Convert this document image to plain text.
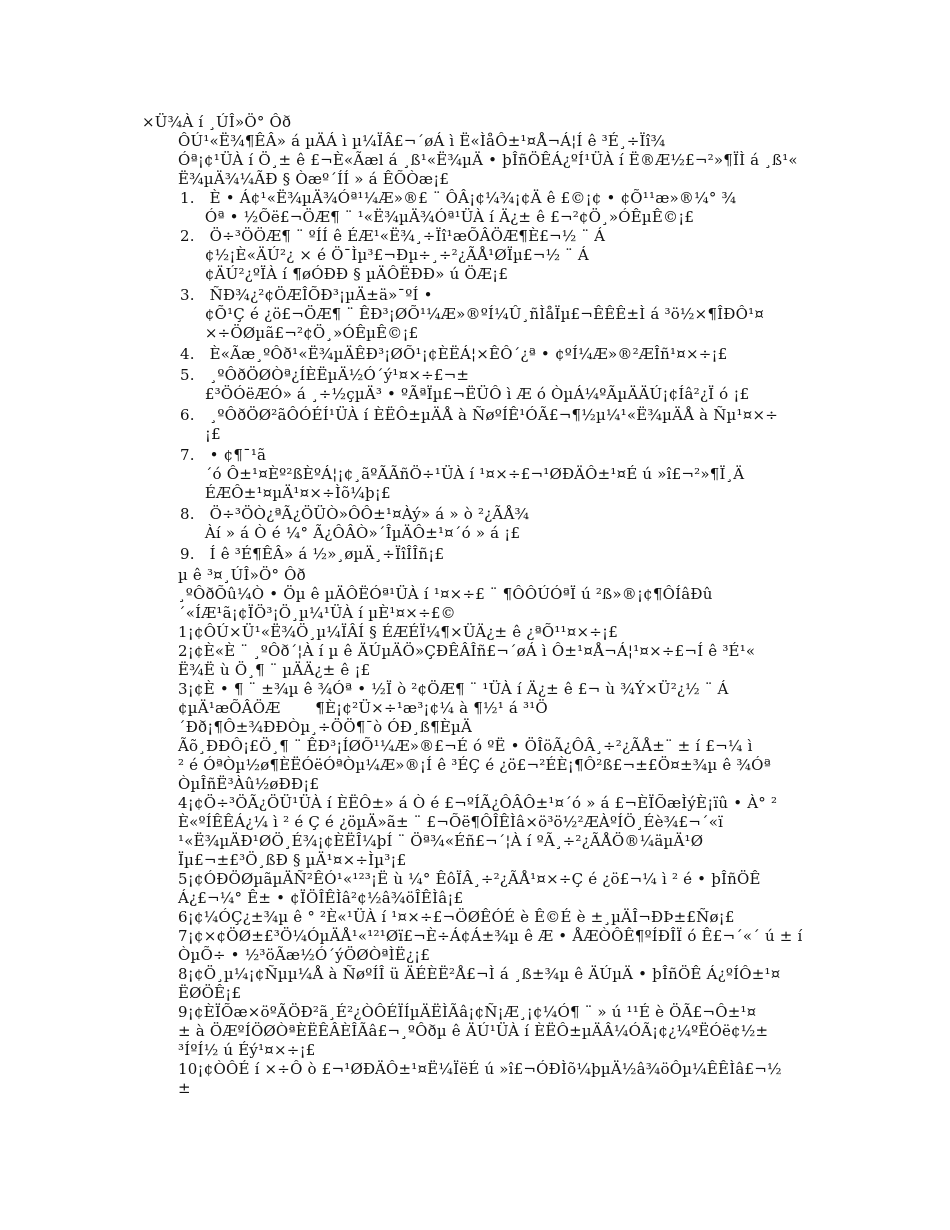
×Ü¾À í ¸ÚÎ»Ö° Ôð
ÔÚ¹«Ë¾¶ÊÂ» á µÄÁ ì µ¼ÏÂ£¬´øÁ ì Ë«ÌåÔ±¹¤Å¬Á¦Í ê ³É¸÷Ïî¾
Óª¡¢¹ÜÀ í Ö¸± ê £¬È«Ãæl á ¸ß¹«Ë¾µÄ • þÎñÖÊÁ¿ºÍ¹ÜÀ í Ë®Æ½£¬²»¶ÏÌ á ¸ß¹«
Ë¾µÄ¾¼ÃÐ § Òæº´ÍÍ » á ÊÕÒæ¡£
1.   È • Á¢¹«Ë¾µÄ¾Óª¹¼Æ»®£ ¨ ÔÂ¡¢¼¾¡¢Ä ê £©¡¢ • ¢Õ¹¹æ»®¼° ¾
Óª • ½Õë£¬ÖÆ¶ ¨ ¹«Ë¾µÄ¾Óª¹ÜÀ í Ä¿± ê £¬²¢Ö¸»ÓÊµÊ©¡£
2.   Ö÷³ÖÖÆ¶ ¨ ºÍÍ ê ÉÆ¹«Ë¾¸÷Ïî¹æÕÂÖÆ¶È£¬½ ¨ Á
¢½¡È«ÄÚ²¿ × é Ö¯Ìµ³£¬Ðµ÷¸÷²¿ÃÅ¹ØÏµ£¬½ ¨ Á
¢ÄÚ²¿ºÏÀ í ¶øÓÐÐ § µÄÔËÐÐ» ú ÖÆ¡£
3.   ÑÐ¾¿²¢ÖÆÎÕÐ³¡µÄ±ä»¯ºÍ •
¢Õ¹Ç é ¿ö£¬ÖÆ¶ ¨ ÊÐ³¡ØÕ¹¼Æ»®ºÍ¼Û¸ñÌåÏµ£¬ÊÊÊ±Ì á ³ö½×¶ÎÐÔ¹¤
×÷ÖØµã£¬²¢Ö¸»ÓÊµÊ©¡£
4.   È«Ãæ¸ºÔð¹«Ë¾µÄÊÐ³¡ØÕ¹¡¢ÈËÁ¦×ÊÔ´¿ª • ¢ºÍ¼Æ»®²ÆÎñ¹¤×÷¡£
5.   ¸ºÔðÖØÒª¿ÍÈËµÄ½Ó´ý¹¤×÷£¬±
£³ÖÓëÆÓ» á ¸÷½çµÄ³ • ºÃªÏµ£¬ËÜÔ ì Æ ó ÒµÁ¼ºÃµÄÄÚ¡¢Íâ²¿Ï ó ¡£
6.   ¸ºÔðÖØ²ãÔÓÉÍ¹ÜÀ í ÈËÔ±µÄÅ à ÑøºÍÊ¹ÓÃ£¬¶½µ¼¹«Ë¾µÄÅ à Ñµ¹¤×÷
¡£
7.   • ¢¶¯¹ã
´ó Ô±¹¤Èº²ßÈºÁ¦¡¢¸ãºÃÃñÖ÷¹ÜÀ í ¹¤×÷£¬¹ØÐÄÔ±¹¤É ú »î£¬²»¶Ï¸Ä
ÉÆÔ±¹¤µÄ¹¤×÷Ìõ¼þ¡£
8.   Ö÷³ÖÒ¿ªÃ¿ÖÜÒ»ÔÔ±¹¤Àý» á » ò ²¿ÃÅ¾
Àí » á Ò é ¼° Ã¿ÔÂÒ»´ÎµÄÔ±¹¤´ó » á ¡£
9.   Í ê ³É¶ÊÂ» á ½»¸øµÄ¸÷ÏîÎÎñ¡£
µ ê ³¤¸ÚÎ»Ö° Ôð
¸ºÔðÕû¼Ò • Öµ ê µÄÔËÓª¹ÜÀ í ¹¤×÷£ ¨ ¶ÔÔÚÓªÏ ú ²ß»®¡¢¶ÔÍâÐû
´«ÍÆ¹ã¡¢ÏÖ³¡Ö¸µ¼¹ÜÀ í µÈ¹¤×÷£©
1¡¢ÔÚ×Ü¹«Ë¾Ö¸µ¼ÏÂÍ § ÉÆÉÏ¼¶×ÜÄ¿± ê ¿ªÕ¹¹¤×÷¡£
2¡¢È«È ¨ ¸ºÔð´¦À í µ ê ÄÚµÄÖ»ÇÐÊÂÎñ£¬´øÁ ì Ô±¹¤Å¬Á¦¹¤×÷£¬Í ê ³É¹«
Ë¾Ë ù Ö¸¶ ¨ µÄÄ¿± ê ¡£
3¡¢È • ¶ ¨ ±¾µ ê ¾Óª • ½Ï ò ²¢ÖÆ¶ ¨ ¹ÜÀ í Ä¿± ê £¬ ù ¾Ý×Ü²¿½ ¨ Á
¢µÄ¹æÕÂÖÆ       ¶È¡¢²Ü×÷¹æ³¡¢¼ à ¶½¹ á ³¹Ö
´Ðð¡¶Ô±¾ÐÐÒµ¸÷ÖÖ¶¯ò ÓÐ¸ß¶ÈµÄ
Ãõ¸ÐÐÔ¡£Ö¸¶ ¨ ÊÐ³¡ÍØÕ¹¼Æ»®£¬É ó ºË • ÖÎöÃ¿ÔÂ¸÷²¿ÃÅ±¨ ± í £¬¼ ì
² é ÓªÒµ½ø¶ÈËÓëÓªÒµ¼Æ»®¡Í ê ³ÉÇ é ¿ö£¬²ÉÈ¡¶Ô²ß£¬±£Ö¤±¾µ ê ¾Óª
ÒµÎñË³Àû½øÐÐ¡£
4¡¢Ö÷³ÖÃ¿ÖÜ¹ÜÀ í ÈËÔ±» á Ò é £¬ºÍÃ¿ÔÂÔ±¹¤´ó » á £¬ÈÏÕæÌýÈ¡ïû • À° ²
È«ºÍÊÊÁ¿¼ ì ² é Ç é ¿öµÄ»ã± ¨ £¬Õë¶ÔÎÊÌâ×ö³ö½²ÆÀºÍÖ¸Éè¾£¬´«ï
¹«Ë¾µÄÐ¹ØÖ¸É¾¡¢ÈËÎ¼þÍ ¨ Öª¾«Éñ£¬´¦À í ºÃ¸÷²¿ÃÅÖ®¼äµÄ¹Ø
Ïµ£¬±£³Ö¸ßÐ § µÄ¹¤×÷Ìµ³¡£
5¡¢ÓÐÖØµãµÄÑ²ÊÓ¹«¹²³¡Ë ù ¼° ÊôÏÂ¸÷²¿ÃÅ¹¤×÷Ç é ¿ö£¬¼ ì ² é • þÎñÖÊ
Á¿£¬¼° Ê± • ¢ÏÖÎÊÌâ²¢½â¾öÎÊÌâ¡£
6¡¢¼ÓÇ¿±¾µ ê ° ²È«¹ÜÀ í ¹¤×÷£¬ÖØÊÓÉ è Ê©É è ±¸µÄÎ¬ÐÞ±£Ñø¡£
7¡¢×¢ÖØ±£³Ö¼ÓµÄÅ¹«¹²¹Øï£¬È÷Á¢Á±¾µ ê Æ • ÅÆÒÔÊ¶ºÍÐÎÏ ó Ê£¬´«´ ú ± í
ÒµÕ÷ • ½³öÃæ½Ó´ýÖØÒªÌË¿¡£
8¡¢Ö¸µ¼¡¢Ñµµ¼Å à ÑøºÍÎ ü ÄÉÈË²Å£¬Ì á ¸ß±¾µ ê ÄÚµÄ • þÎñÖÊ Á¿ºÍÔ±¹¤
ËØÖÊ¡£
9¡¢ÈÏÕæ×öºÃÖÐ²ã¸É²¿ÒÔÉÏÍµÄËÌÃâ¡¢Ñ¡Æ¸¡¢¼Ó¶ ¨ » ú ¹¹É è ÖÃ£¬Ô±¹¤
± à ÖÆºÍÖØÒªÈËÊÂÈÎÃâ£¬¸ºÔðµ ê ÄÚ¹ÜÀ í ÈËÔ±µÄÂ¼ÓÃ¡¢¿¼ºËÓë¢½±
³ÍºÍ½ ú Éý¹¤×÷¡£
10¡¢ÒÔÉ í ×÷Ô ò £¬¹ØÐÄÔ±¹¤Ë¼ÏëÉ ú »î£¬ÓÐÌõ¼þµÄ½â¾öÔµ¼ÊÊÌâ£¬½
±
